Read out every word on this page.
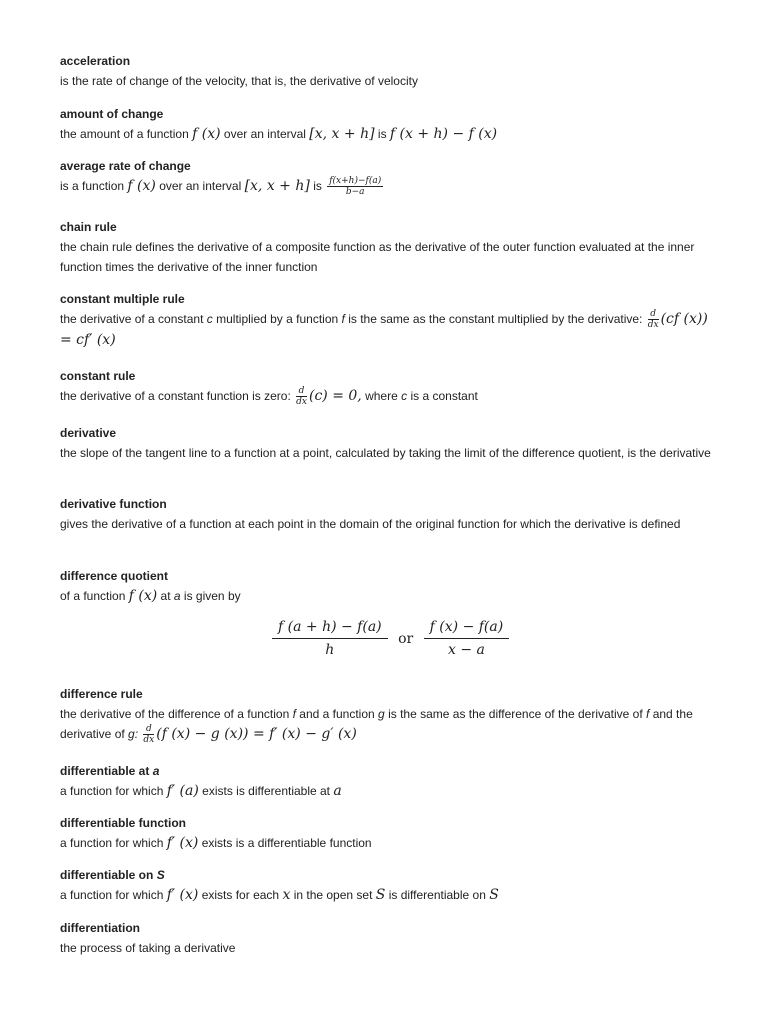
acceleration
is the rate of change of the velocity, that is, the derivative of velocity
amount of change
the amount of a function f (x) over an interval [x, x + h] is f (x + h) − f (x)
average rate of change
is a function f (x) over an interval [x, x + h] is $\frac{f(x+h)-f(a)}{b-a}$
chain rule
the chain rule defines the derivative of a composite function as the derivative of the outer function evaluated at the inner function times the derivative of the inner function
constant multiple rule
the derivative of a constant c multiplied by a function f is the same as the constant multiplied by the derivative: $\frac{d}{dx} (cf$ (x)) = cf′ (x)
constant rule
the derivative of a constant function is zero: $\frac{d}{dx} (c) = 0$, where c is a constant
derivative
the slope of the tangent line to a function at a point, calculated by taking the limit of the difference quotient, is the derivative
derivative function
gives the derivative of a function at each point in the domain of the original function for which the derivative is defined
difference quotient
of a function f (x) at a is given by
$\frac{f (a + h) - f(a)}{h}$ or $\frac{f (x) - f(a)}{x - a}$
difference rule
the derivative of the difference of a function f and a function g is the same as the difference of the derivative of f and the derivative of g: $\frac{d}{dx} (f$ (x) − g (x)) = f′ (x) − g′ (x)
differentiable at a
a function for which f′ (a) exists is differentiable at a
differentiable function
a function for which f′ (x) exists is a differentiable function
differentiable on S
a function for which f′ (x) exists for each x in the open set S is differentiable on S
differentiation
the process of taking a derivative
